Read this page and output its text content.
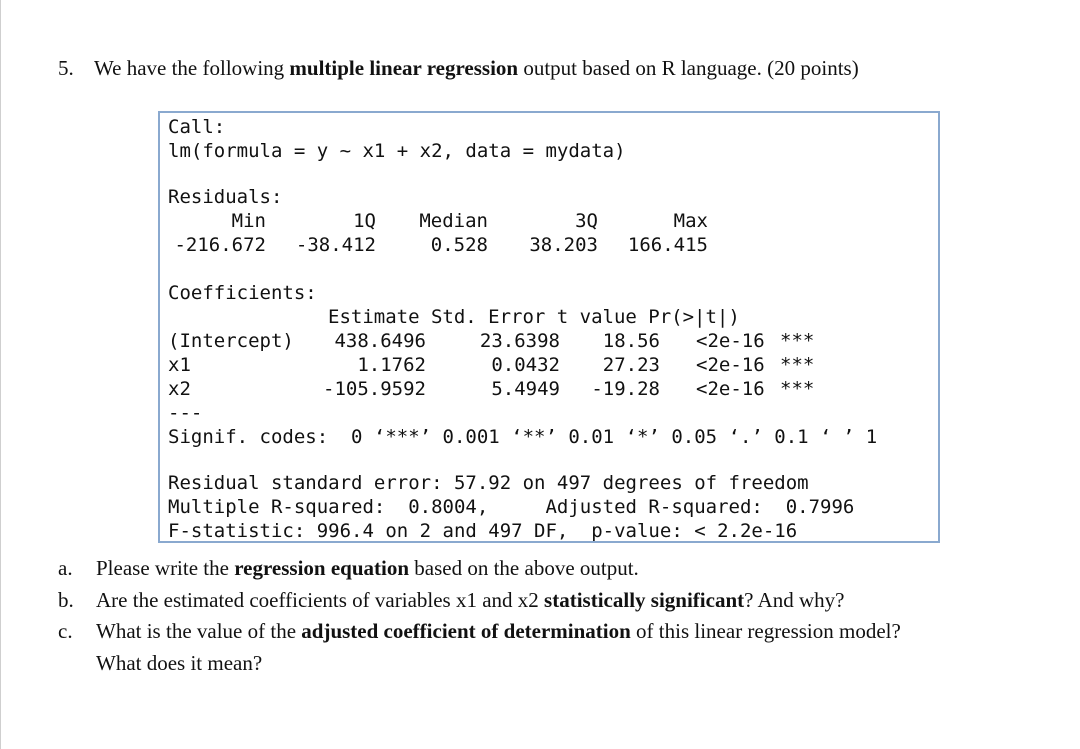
5. We have the following multiple linear regression output based on R language. (20 points)
Call:
lm(formula = y ~ x1 + x2, data = mydata)
Residuals:
Min	1Q	Median	3Q	Max
-216.672	-38.412	0.528	38.203	166.415
Coefficients:
Estimate Std. Error t value Pr(>|t|)
(Intercept)	438.6496	23.6398	18.56 <2e-16 ***
x1	1.1762	0.0432	27.23 <2e-16 ***
x2	-105.9592	5.4949	-19.28 <2e-16 ***
---
Signif. codes:  0 ‘***’ 0.001 ‘**’ 0.01 ‘*’ 0.05 ‘.’ 0.1 ‘ ’ 1
Residual standard error: 57.92 on 497 degrees of freedom
Multiple R-squared:  0.8004,     Adjusted R-squared:  0.7996
F-statistic: 996.4 on 2 and 497 DF,  p-value: < 2.2e-16
a. Please write the regression equation based on the above output.
b. Are the estimated coefficients of variables x1 and x2 statistically significant? And why?
c. What is the value of the adjusted coefficient of determination of this linear regression model?
What does it mean?
